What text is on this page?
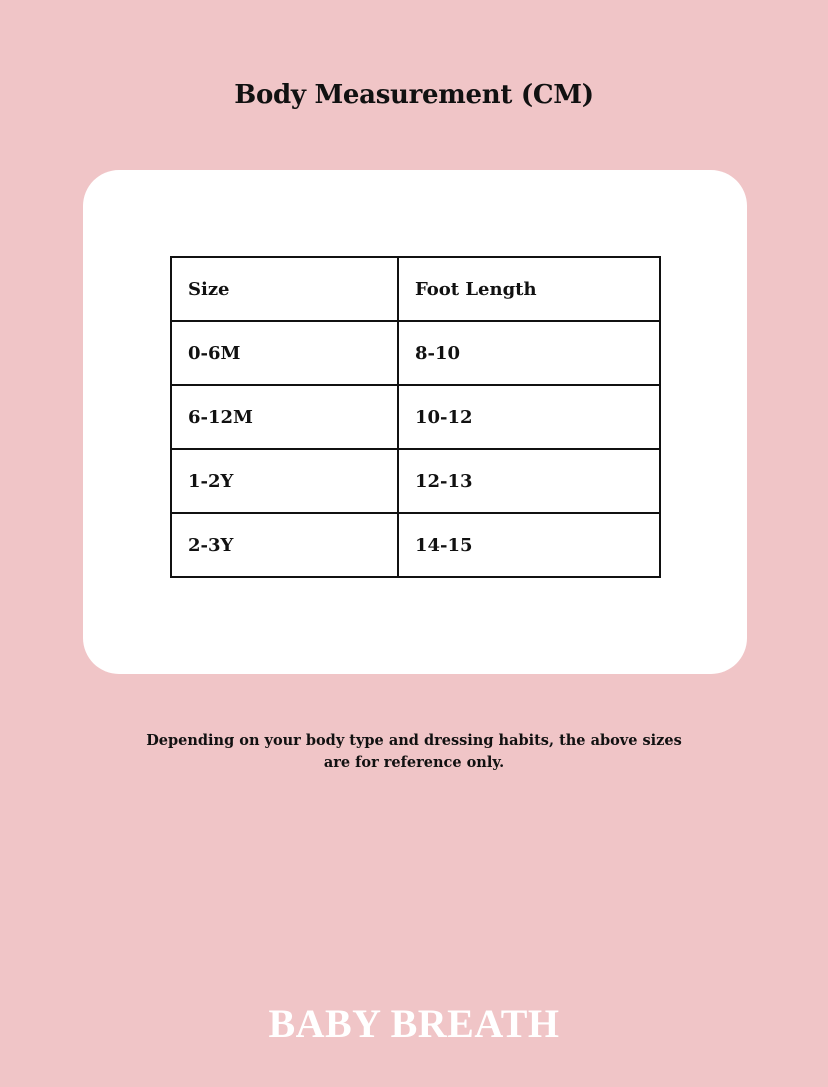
Body Measurement (CM)
Size	Foot Length
0-6M	8-10
6-12M	10-12
1-2Y	12-13
2-3Y	14-15

Depending on your body type and dressing habits, the above sizes are for reference only.

BABY BREATH
